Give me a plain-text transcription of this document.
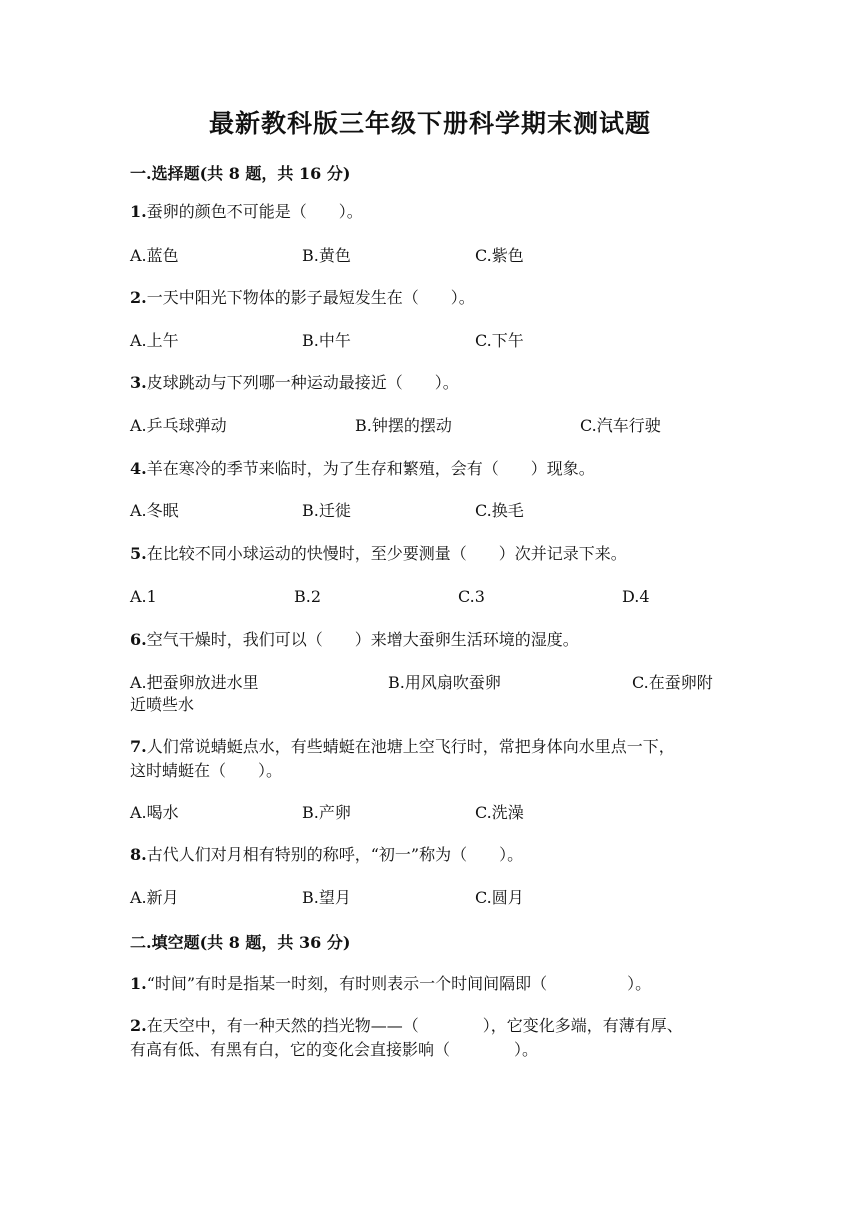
最新教科版三年级下册科学期末测试题
一.选择题(共 8 题，共 16 分)
1.蚕卵的颜色不可能是（　　）。
A.蓝色	B.黄色	C.紫色
2.一天中阳光下物体的影子最短发生在（　　）。
A.上午	B.中午	C.下午
3.皮球跳动与下列哪一种运动最接近（　　）。
A.乒乓球弹动	B.钟摆的摆动	C.汽车行驶
4.羊在寒冷的季节来临时，为了生存和繁殖，会有（　　）现象。
A.冬眠	B.迁徙	C.换毛
5.在比较不同小球运动的快慢时，至少要测量（　　）次并记录下来。
A.1	B.2	C.3	D.4
6.空气干燥时，我们可以（　　）来增大蚕卵生活环境的湿度。
A.把蚕卵放进水里	B.用风扇吹蚕卵	C.在蚕卵附
近喷些水
7.人们常说蜻蜓点水，有些蜻蜓在池塘上空飞行时，常把身体向水里点一下，
这时蜻蜓在（　　）。
A.喝水	B.产卵	C.洗澡
8.古代人们对月相有特别的称呼，“初一”称为（　　）。
A.新月	B.望月	C.圆月
二.填空题(共 8 题，共 36 分)
1.“时间”有时是指某一时刻，有时则表示一个时间间隔即（　　　　　）。
2.在天空中，有一种天然的挡光物——（　　　　），它变化多端，有薄有厚、
有高有低、有黑有白，它的变化会直接影响（　　　　）。
